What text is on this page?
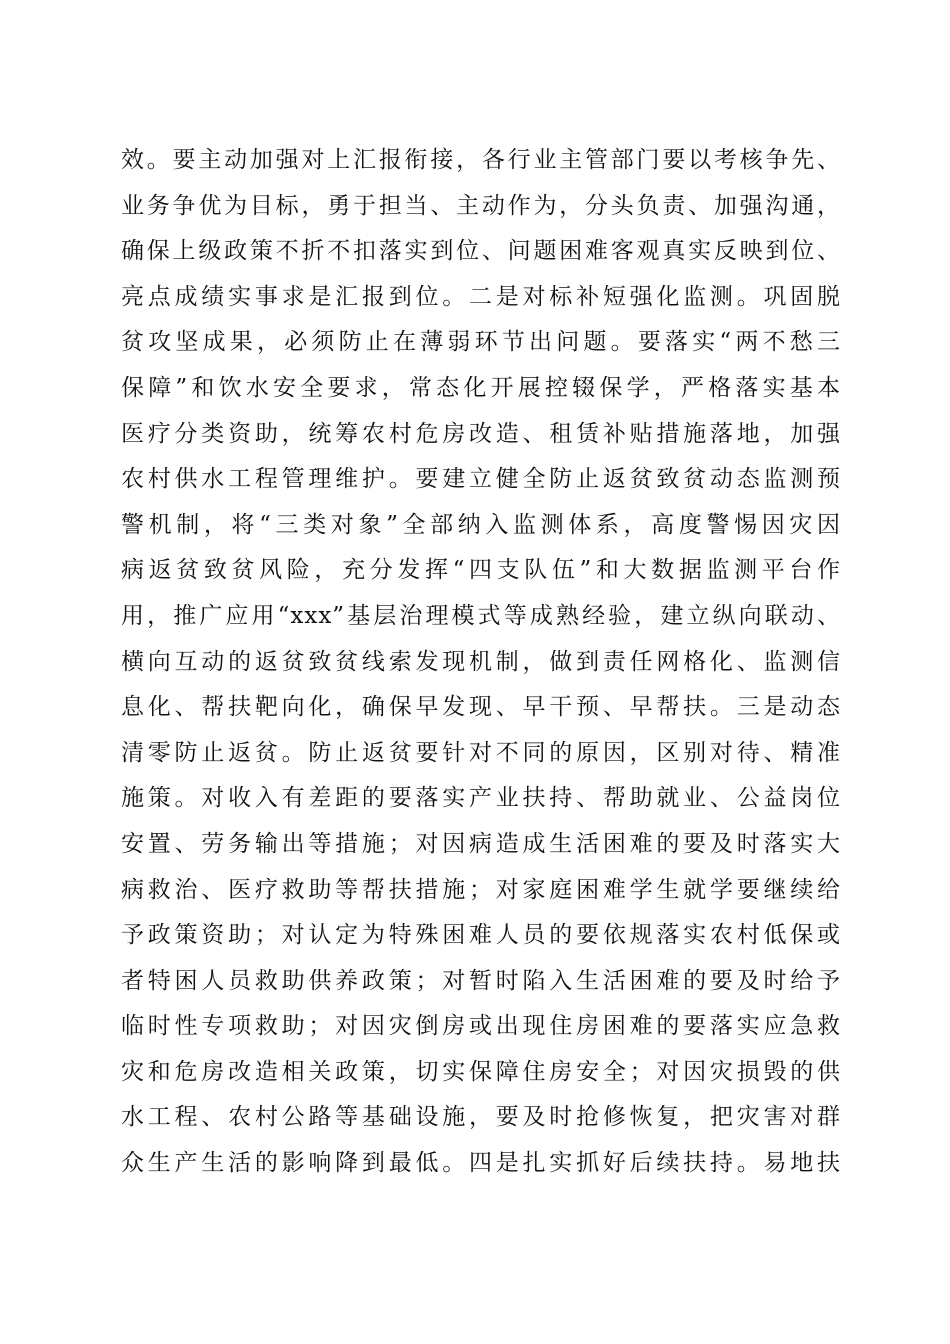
效。要主动加强对上汇报衔接，各行业主管部门要以考核争先、
业务争优为目标，勇于担当、主动作为，分头负责、加强沟通，
确保上级政策不折不扣落实到位、问题困难客观真实反映到位、
亮点成绩实事求是汇报到位。二是对标补短强化监测。巩固脱
贫攻坚成果，必须防止在薄弱环节出问题。要落实“两不愁三
保障”和饮水安全要求，常态化开展控辍保学，严格落实基本
医疗分类资助，统筹农村危房改造、租赁补贴措施落地，加强
农村供水工程管理维护。要建立健全防止返贫致贫动态监测预
警机制，将“三类对象”全部纳入监测体系，高度警惕因灾因
病返贫致贫风险，充分发挥“四支队伍”和大数据监测平台作
用，推广应用“xxx”基层治理模式等成熟经验，建立纵向联动、
横向互动的返贫致贫线索发现机制，做到责任网格化、监测信
息化、帮扶靶向化，确保早发现、早干预、早帮扶。三是动态
清零防止返贫。防止返贫要针对不同的原因，区别对待、精准
施策。对收入有差距的要落实产业扶持、帮助就业、公益岗位
安置、劳务输出等措施；对因病造成生活困难的要及时落实大
病救治、医疗救助等帮扶措施；对家庭困难学生就学要继续给
予政策资助；对认定为特殊困难人员的要依规落实农村低保或
者特困人员救助供养政策；对暂时陷入生活困难的要及时给予
临时性专项救助；对因灾倒房或出现住房困难的要落实应急救
灾和危房改造相关政策，切实保障住房安全；对因灾损毁的供
水工程、农村公路等基础设施，要及时抢修恢复，把灾害对群
众生产生活的影响降到最低。四是扎实抓好后续扶持。易地扶
